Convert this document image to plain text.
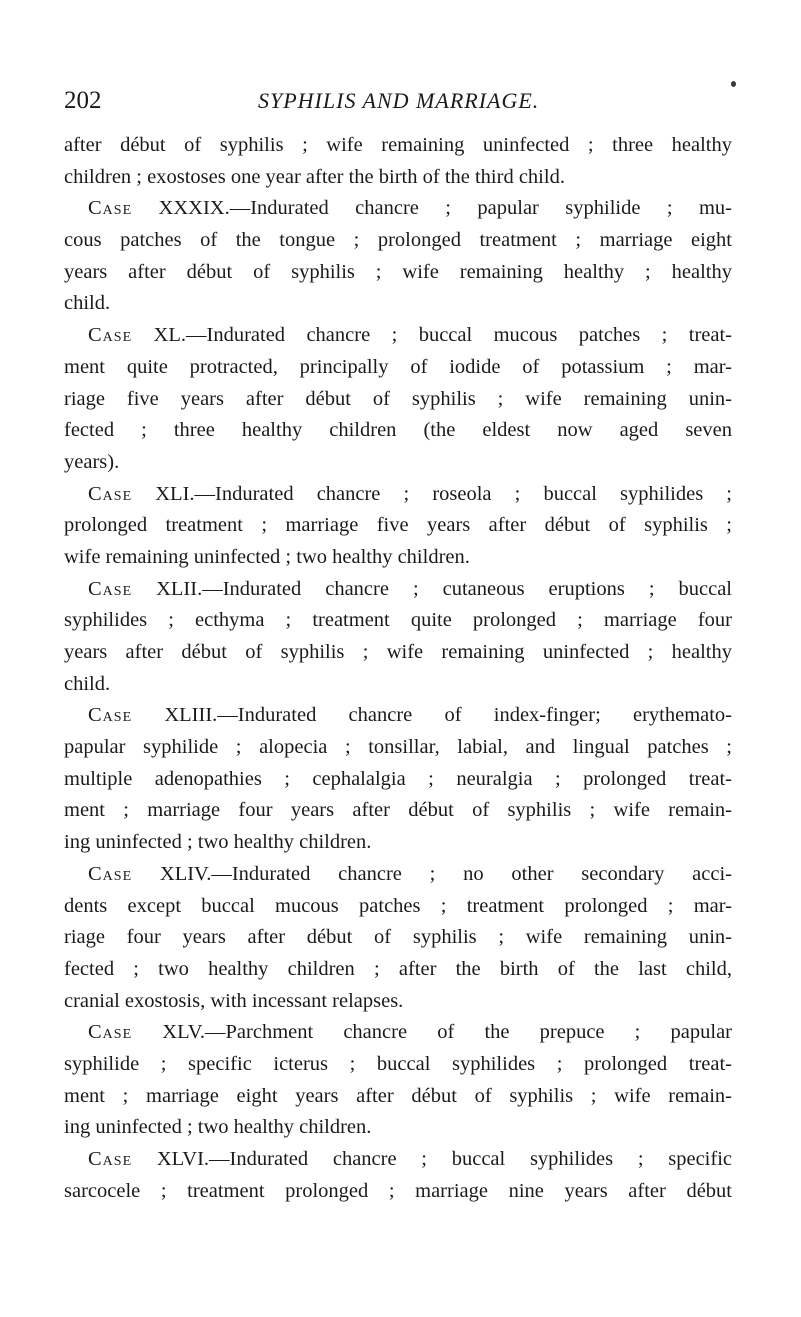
202	SYPHILIS AND MARRIAGE.
after début of syphilis ; wife remaining uninfected ; three healthy
children ; exostoses one year after the birth of the third child.
Case XXXIX.—Indurated chancre ; papular syphilide ; mu-
cous patches of the tongue ; prolonged treatment ; marriage eight
years after début of syphilis ; wife remaining healthy ; healthy
child.
Case XL.—Indurated chancre ; buccal mucous patches ; treat-
ment quite protracted, principally of iodide of potassium ; mar-
riage five years after début of syphilis ; wife remaining unin-
fected ; three healthy children (the eldest now aged seven
years).
Case XLI.—Indurated chancre ; roseola ; buccal syphilides ;
prolonged treatment ; marriage five years after début of syphilis ;
wife remaining uninfected ; two healthy children.
Case XLII.—Indurated chancre ; cutaneous eruptions ; buccal
syphilides ; ecthyma ; treatment quite prolonged ; marriage four
years after début of syphilis ; wife remaining uninfected ; healthy
child.
Case XLIII.—Indurated chancre of index-finger; erythemato-
papular syphilide ; alopecia ; tonsillar, labial, and lingual patches ;
multiple adenopathies ; cephalalgia ; neuralgia ; prolonged treat-
ment ; marriage four years after début of syphilis ; wife remain-
ing uninfected ; two healthy children.
Case XLIV.—Indurated chancre ; no other secondary acci-
dents except buccal mucous patches ; treatment prolonged ; mar-
riage four years after début of syphilis ; wife remaining unin-
fected ; two healthy children ; after the birth of the last child,
cranial exostosis, with incessant relapses.
Case XLV.—Parchment chancre of the prepuce ; papular
syphilide ; specific icterus ; buccal syphilides ; prolonged treat-
ment ; marriage eight years after début of syphilis ; wife remain-
ing uninfected ; two healthy children.
Case XLVI.—Indurated chancre ; buccal syphilides ; specific
sarcocele ; treatment prolonged ; marriage nine years after début
